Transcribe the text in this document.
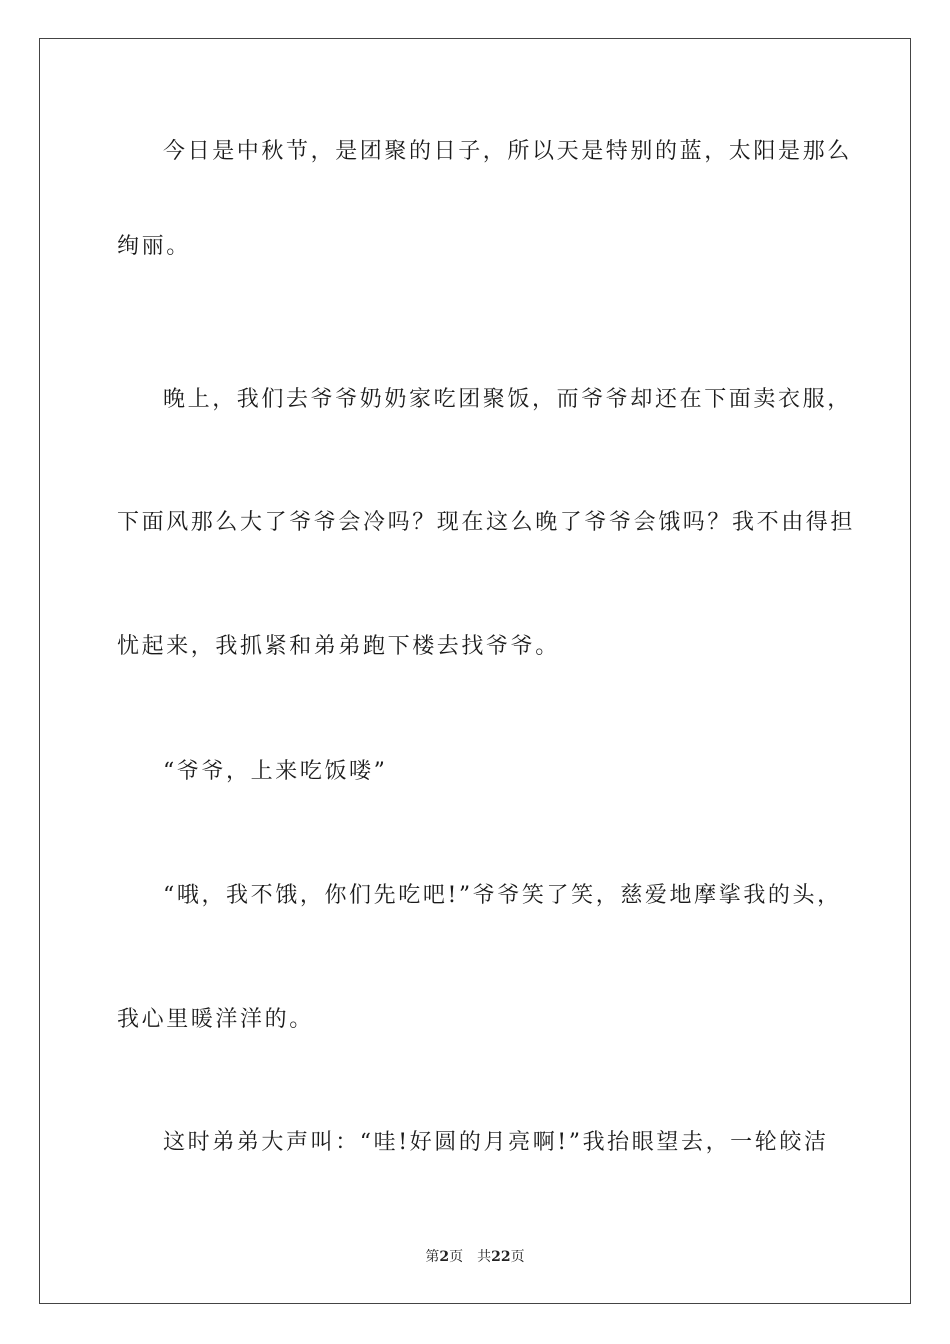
今日是中秋节，是团聚的日子，所以天是特别的蓝，太阳是那么

绚丽。

晚上，我们去爷爷奶奶家吃团聚饭，而爷爷却还在下面卖衣服，

下面风那么大了爷爷会冷吗？现在这么晚了爷爷会饿吗？我不由得担

忧起来，我抓紧和弟弟跑下楼去找爷爷。

“爷爷，上来吃饭喽”

“哦，我不饿，你们先吃吧!”爷爷笑了笑，慈爱地摩挲我的头，

我心里暖洋洋的。

这时弟弟大声叫：“哇!好圆的月亮啊!”我抬眼望去，一轮皎洁

第2页 共22页
